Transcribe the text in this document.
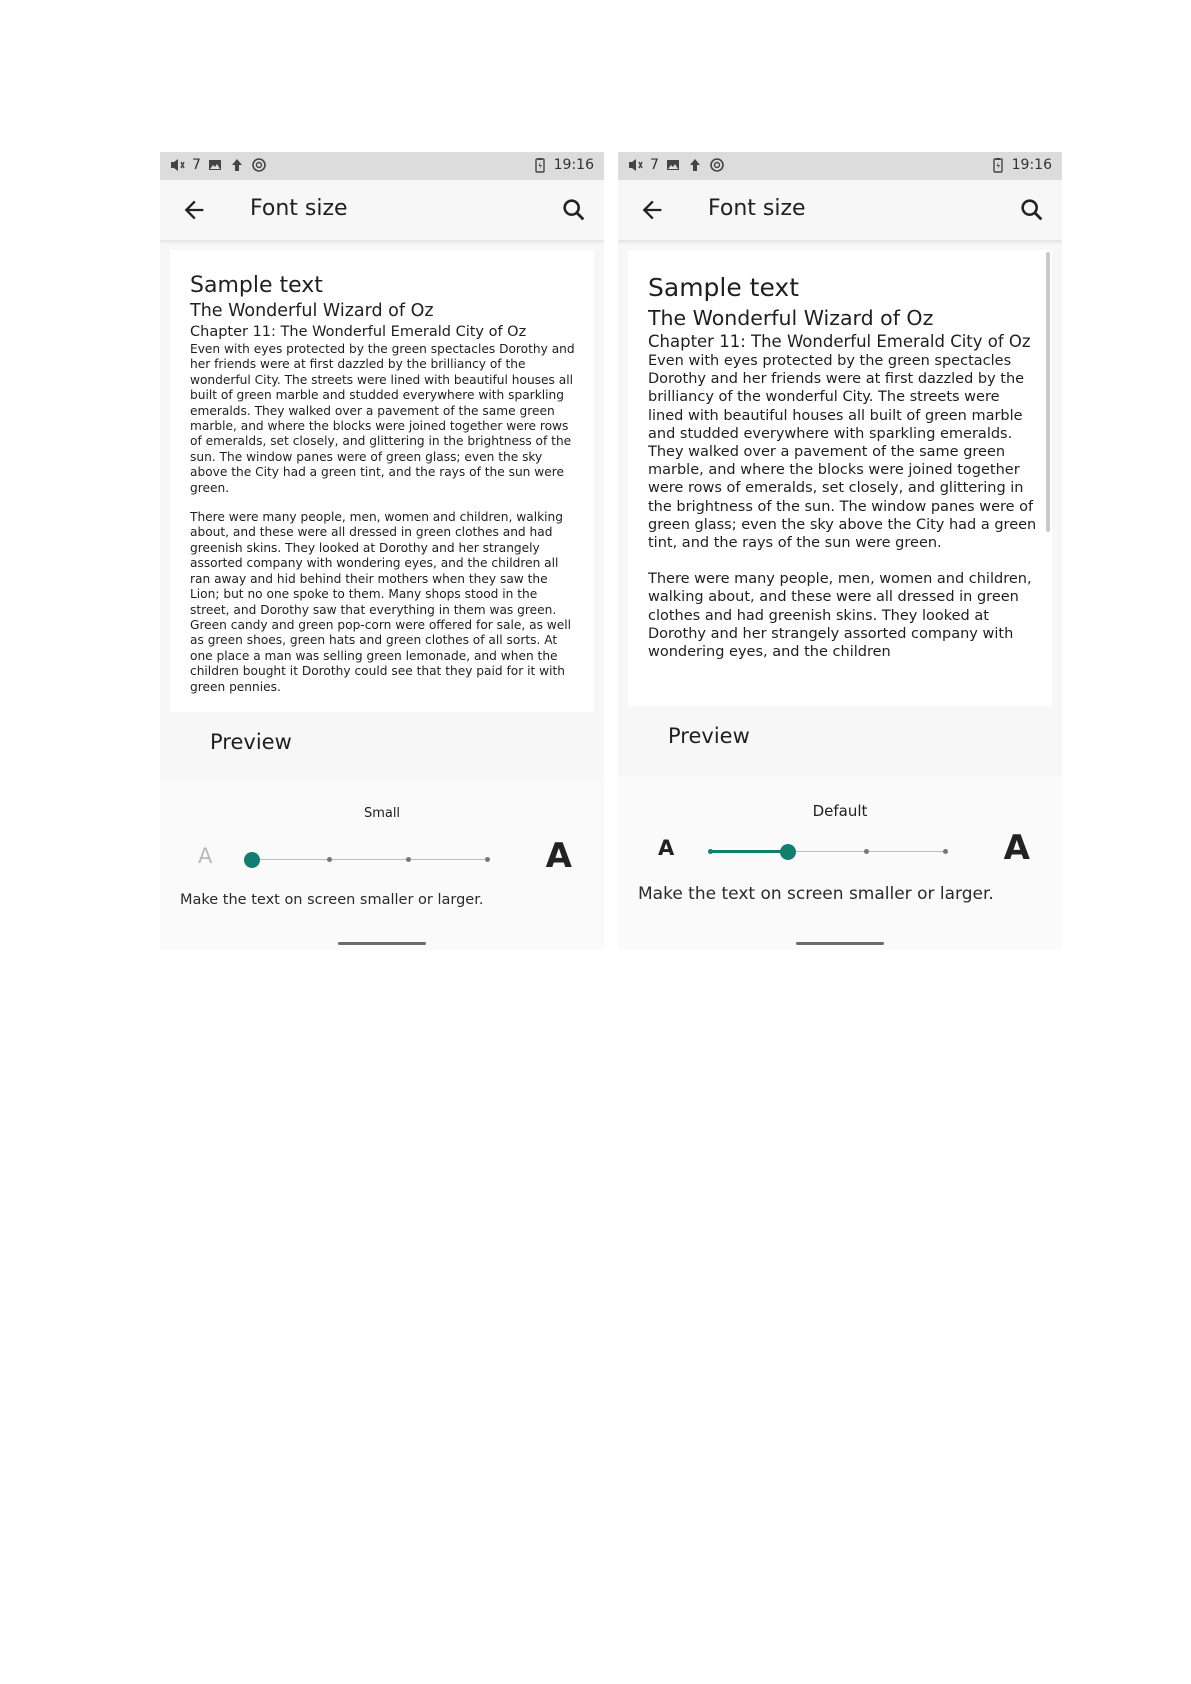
7	19:16
Font size
Sample text
The Wonderful Wizard of Oz
Chapter 11: The Wonderful Emerald City of Oz

Even with eyes protected by the green spectacles Dorothy and her friends were at first dazzled by the brilliancy of the wonderful City. The streets were lined with beautiful houses all built of green marble and studded everywhere with sparkling emeralds. They walked over a pavement of the same green marble, and where the blocks were joined together were rows of emeralds, set closely, and glittering in the brightness of the sun. The window panes were of green glass; even the sky above the City had a green tint, and the rays of the sun were green.

There were many people, men, women and children, walking about, and these were all dressed in green clothes and had greenish skins. They looked at Dorothy and her strangely assorted company with wondering eyes, and the children all ran away and hid behind their mothers when they saw the Lion; but no one spoke to them. Many shops stood in the street, and Dorothy saw that everything in them was green. Green candy and green pop-corn were offered for sale, as well as green shoes, green hats and green clothes of all sorts. At one place a man was selling green lemonade, and when the children bought it Dorothy could see that they paid for it with green pennies.

Preview
Small
A	A
Make the text on screen smaller or larger.
7	19:16
Font size
Sample text
The Wonderful Wizard of Oz
Chapter 11: The Wonderful Emerald City of Oz

Even with eyes protected by the green spectacles Dorothy and her friends were at first dazzled by the brilliancy of the wonderful City. The streets were lined with beautiful houses all built of green marble and studded everywhere with sparkling emeralds. They walked over a pavement of the same green marble, and where the blocks were joined together were rows of emeralds, set closely, and glittering in the brightness of the sun. The window panes were of green glass; even the sky above the City had a green tint, and the rays of the sun were green.

There were many people, men, women and children, walking about, and these were all dressed in green clothes and had greenish skins. They looked at Dorothy and her strangely assorted company with wondering eyes, and the children

Preview
Default
A	A
Make the text on screen smaller or larger.
